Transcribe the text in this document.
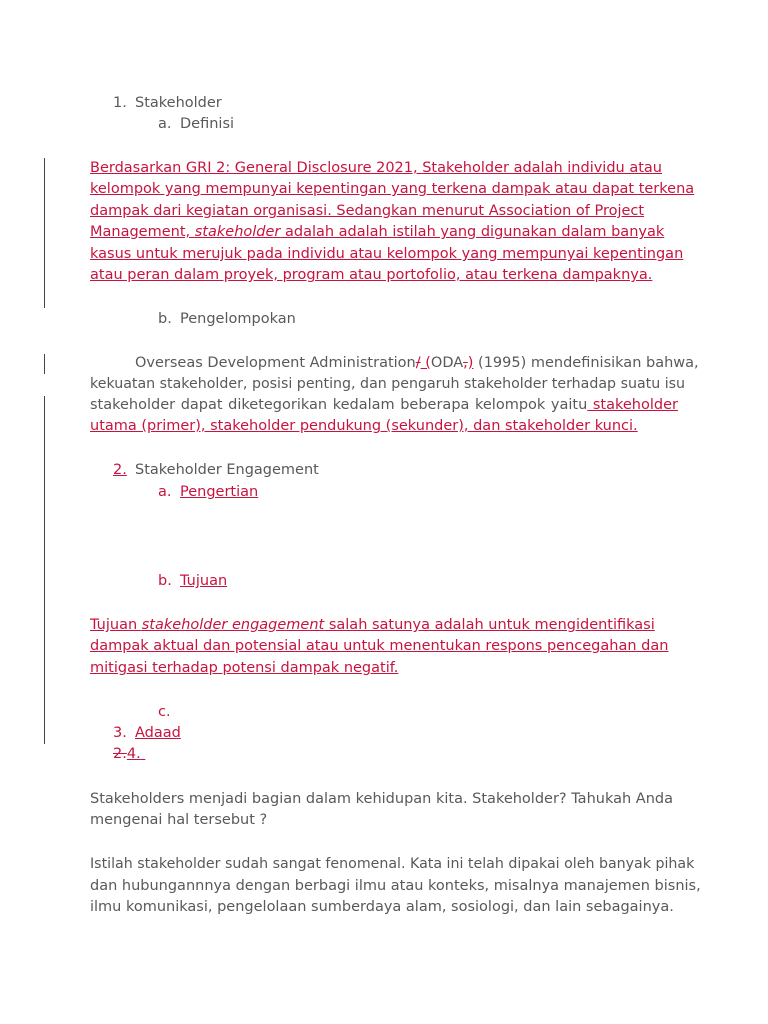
1. Stakeholder
a. Definisi
Berdasarkan GRI 2: General Disclosure 2021, Stakeholder adalah individu atau
kelompok yang mempunyai kepentingan yang terkena dampak atau dapat terkena
dampak dari kegiatan organisasi. Sedangkan menurut Association of Project
Management, stakeholder adalah adalah istilah yang digunakan dalam banyak
kasus untuk merujuk pada individu atau kelompok yang mempunyai kepentingan
atau peran dalam proyek, program atau portofolio, atau terkena dampaknya.
b. Pengelompokan
Overseas Development Administration/ (ODA,) (1995) mendefinisikan bahwa,
kekuatan stakeholder, posisi penting, dan pengaruh stakeholder terhadap suatu isu
stakeholder dapat diketegorikan kedalam beberapa kelompok yaitu stakeholder
utama (primer), stakeholder pendukung (sekunder), dan stakeholder kunci.
2. Stakeholder Engagement
a. Pengertian
b. Tujuan
Tujuan stakeholder engagement salah satunya adalah untuk mengidentifikasi
dampak aktual dan potensial atau untuk menentukan respons pencegahan dan
mitigasi terhadap potensi dampak negatif.
c.
3. Adaad
2.4.
Stakeholders menjadi bagian dalam kehidupan kita. Stakeholder? Tahukah Anda
mengenai hal tersebut ?
Istilah stakeholder sudah sangat fenomenal. Kata ini telah dipakai oleh banyak pihak
dan hubungannnya dengan berbagi ilmu atau konteks, misalnya manajemen bisnis,
ilmu komunikasi, pengelolaan sumberdaya alam, sosiologi, dan lain sebagainya.
